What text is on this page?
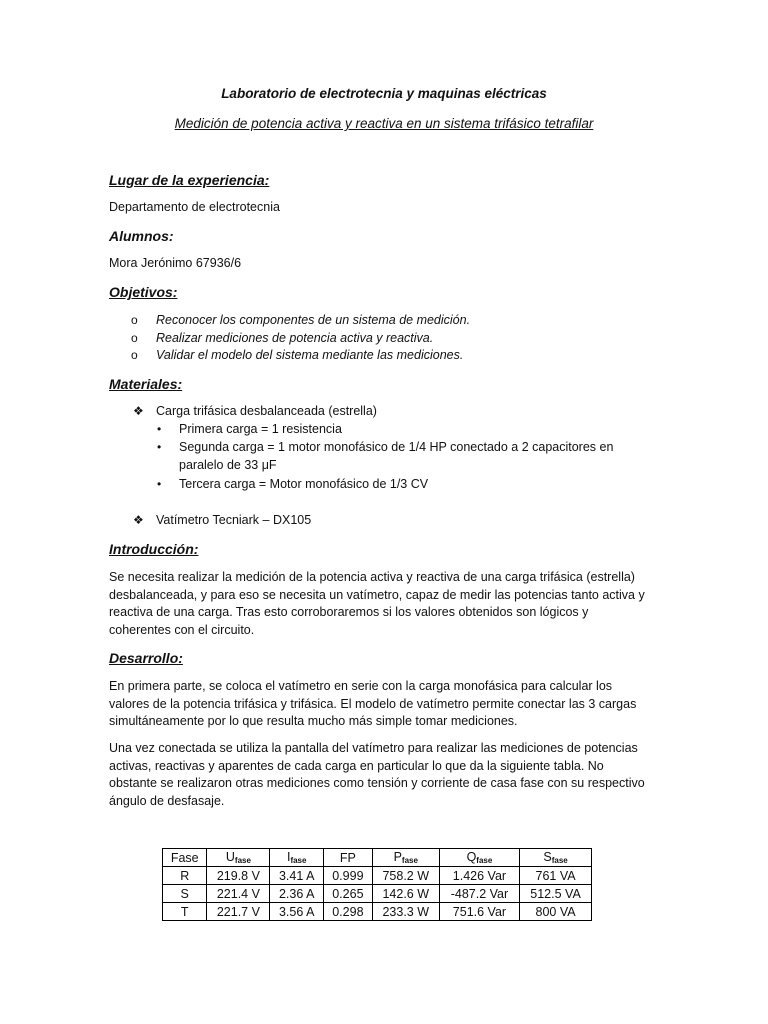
Laboratorio de electrotecnia y maquinas eléctricas
Medición de potencia activa y reactiva en un sistema trifásico tetrafilar
Lugar de la experiencia:
Departamento de electrotecnia
Alumnos:
Mora Jerónimo 67936/6
Objetivos:
o Reconocer los componentes de un sistema de medición.
o Realizar mediciones de potencia activa y reactiva.
o Validar el modelo del sistema mediante las mediciones.
Materiales:
❖ Carga trifásica desbalanceada (estrella)
• Primera carga = 1 resistencia
• Segunda carga = 1 motor monofásico de 1/4 HP conectado a 2 capacitores en
paralelo de 33 μF
• Tercera carga = Motor monofásico de 1/3 CV
❖ Vatímetro Tecniark – DX105
Introducción:
Se necesita realizar la medición de la potencia activa y reactiva de una carga trifásica (estrella) desbalanceada, y para eso se necesita un vatímetro, capaz de medir las potencias tanto activa y reactiva de una carga. Tras esto corroboraremos si los valores obtenidos son lógicos y coherentes con el circuito.
Desarrollo:
En primera parte, se coloca el vatímetro en serie con la carga monofásica para calcular los valores de la potencia trifásica y trifásica. El modelo de vatímetro permite conectar las 3 cargas simultáneamente por lo que resulta mucho más simple tomar mediciones.
Una vez conectada se utiliza la pantalla del vatímetro para realizar las mediciones de potencias activas, reactivas y aparentes de cada carga en particular lo que da la siguiente tabla. No obstante se realizaron otras mediciones como tensión y corriente de casa fase con su respectivo ángulo de desfasaje.
Fase	$U_{fase}$	$I_{fase}$	FP	$P_{fase}$	$Q_{fase}$	$S_{fase}$
R	219.8 V	3.41 A	0.999	758.2 W	1.426 Var	761 VA
S	221.4 V	2.36 A	0.265	142.6 W	-487.2 Var	512.5 VA
T	221.7 V	3.56 A	0.298	233.3 W	751.6 Var	800 VA
